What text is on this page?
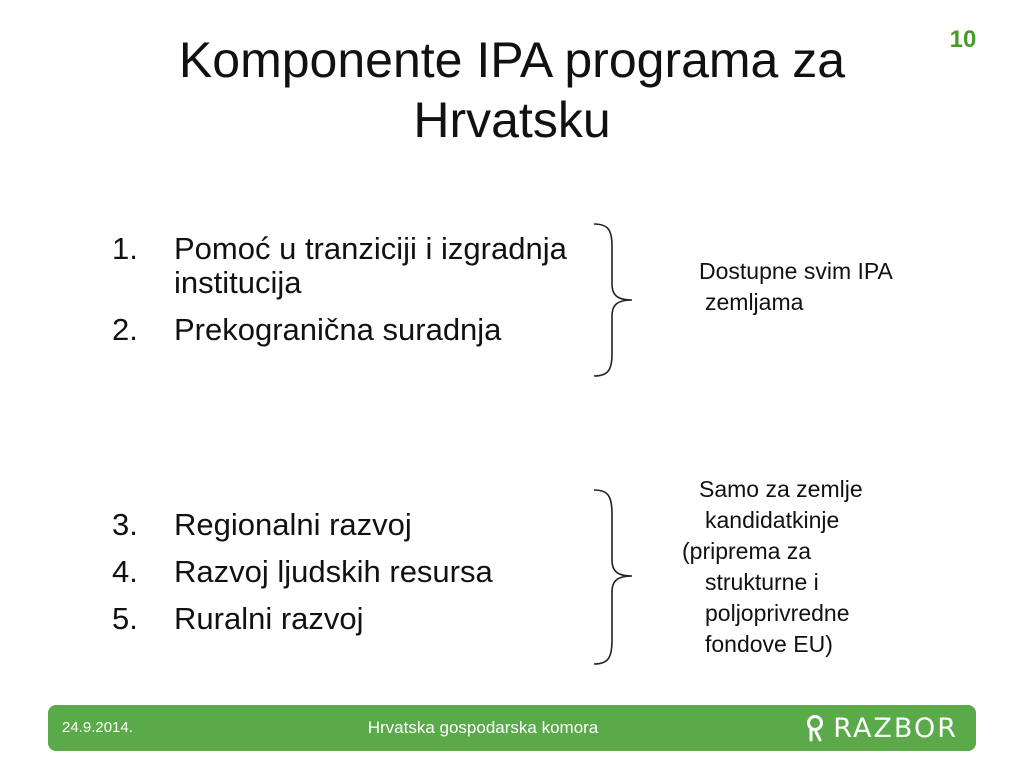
10
Komponente IPA programa za
Hrvatsku
1.	Pomoć u tranziciji i izgradnja institucija
2.	Prekogranična suradnja
Dostupne svim IPA
zemljama
3.	Regionalni razvoj
4.	Razvoj ljudskih resursa
5.	Ruralni razvoj
Samo za zemlje
kandidatkinje
(priprema za
strukturne i
poljoprivredne
fondove EU)
24.9.2014.	Hrvatska gospodarska komora	RAZBOR
